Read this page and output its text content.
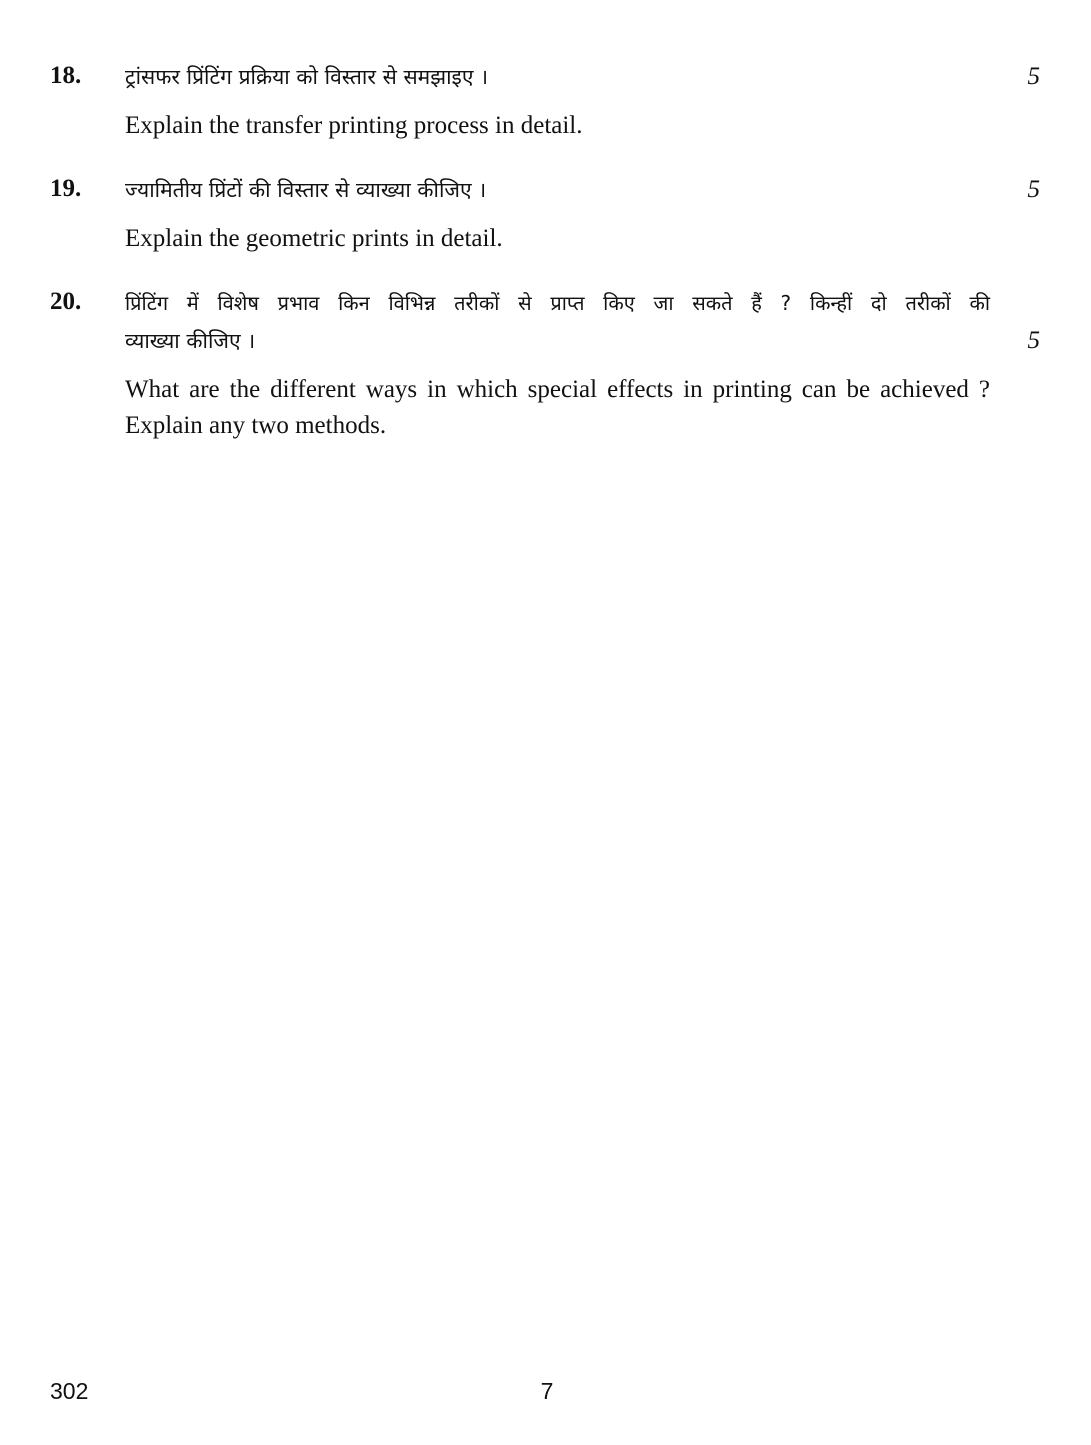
18. ट्रांसफर प्रिंटिंग प्रक्रिया को विस्तार से समझाइए ।

Explain the transfer printing process in detail.

5
19. ज्यामितीय प्रिंटों की विस्तार से व्याख्या कीजिए ।

Explain the geometric prints in detail.

5
20. प्रिंटिंग में विशेष प्रभाव किन विभिन्न तरीकों से प्राप्त किए जा सकते हैं ? किन्हीं दो तरीकों की

व्याख्या कीजिए ।

What are the different ways in which special effects in printing can be achieved ? Explain any two methods.

5
302	7
